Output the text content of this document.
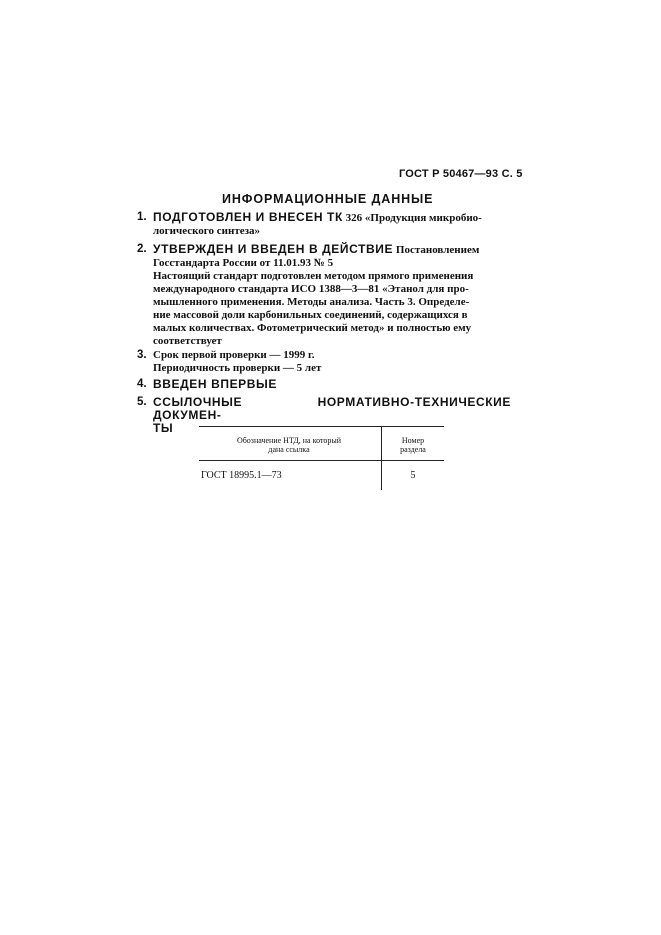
ГОСТ Р 50467—93 С. 5
ИНФОРМАЦИОННЫЕ ДАННЫЕ
1. ПОДГОТОВЛЕН И ВНЕСЕН ТК 326 «Продукция микробио-
логического синтеза»
2. УТВЕРЖДЕН И ВВЕДЕН В ДЕЙСТВИЕ Постановлением
Госстандарта России от 11.01.93 № 5
Настоящий стандарт подготовлен методом прямого применения
международного стандарта ИСО 1388—3—81 «Этанол для про-
мышленного применения. Методы анализа. Часть 3. Определе-
ние массовой доли карбонильных соединений, содержащихся в
малых количествах. Фотометрический метод» и полностью ему
соответствует
3. Срок первой проверки — 1999 г.
Периодичность проверки — 5 лет
4. ВВЕДЕН ВПЕРВЫЕ
5. ССЫЛОЧНЫЕ НОРМАТИВНО-ТЕХНИЧЕСКИЕ ДОКУМЕН-
ТЫ
Обозначение НТД, на который
дана ссылка
Номер
раздела
ГОСТ 18995.1—73	5
